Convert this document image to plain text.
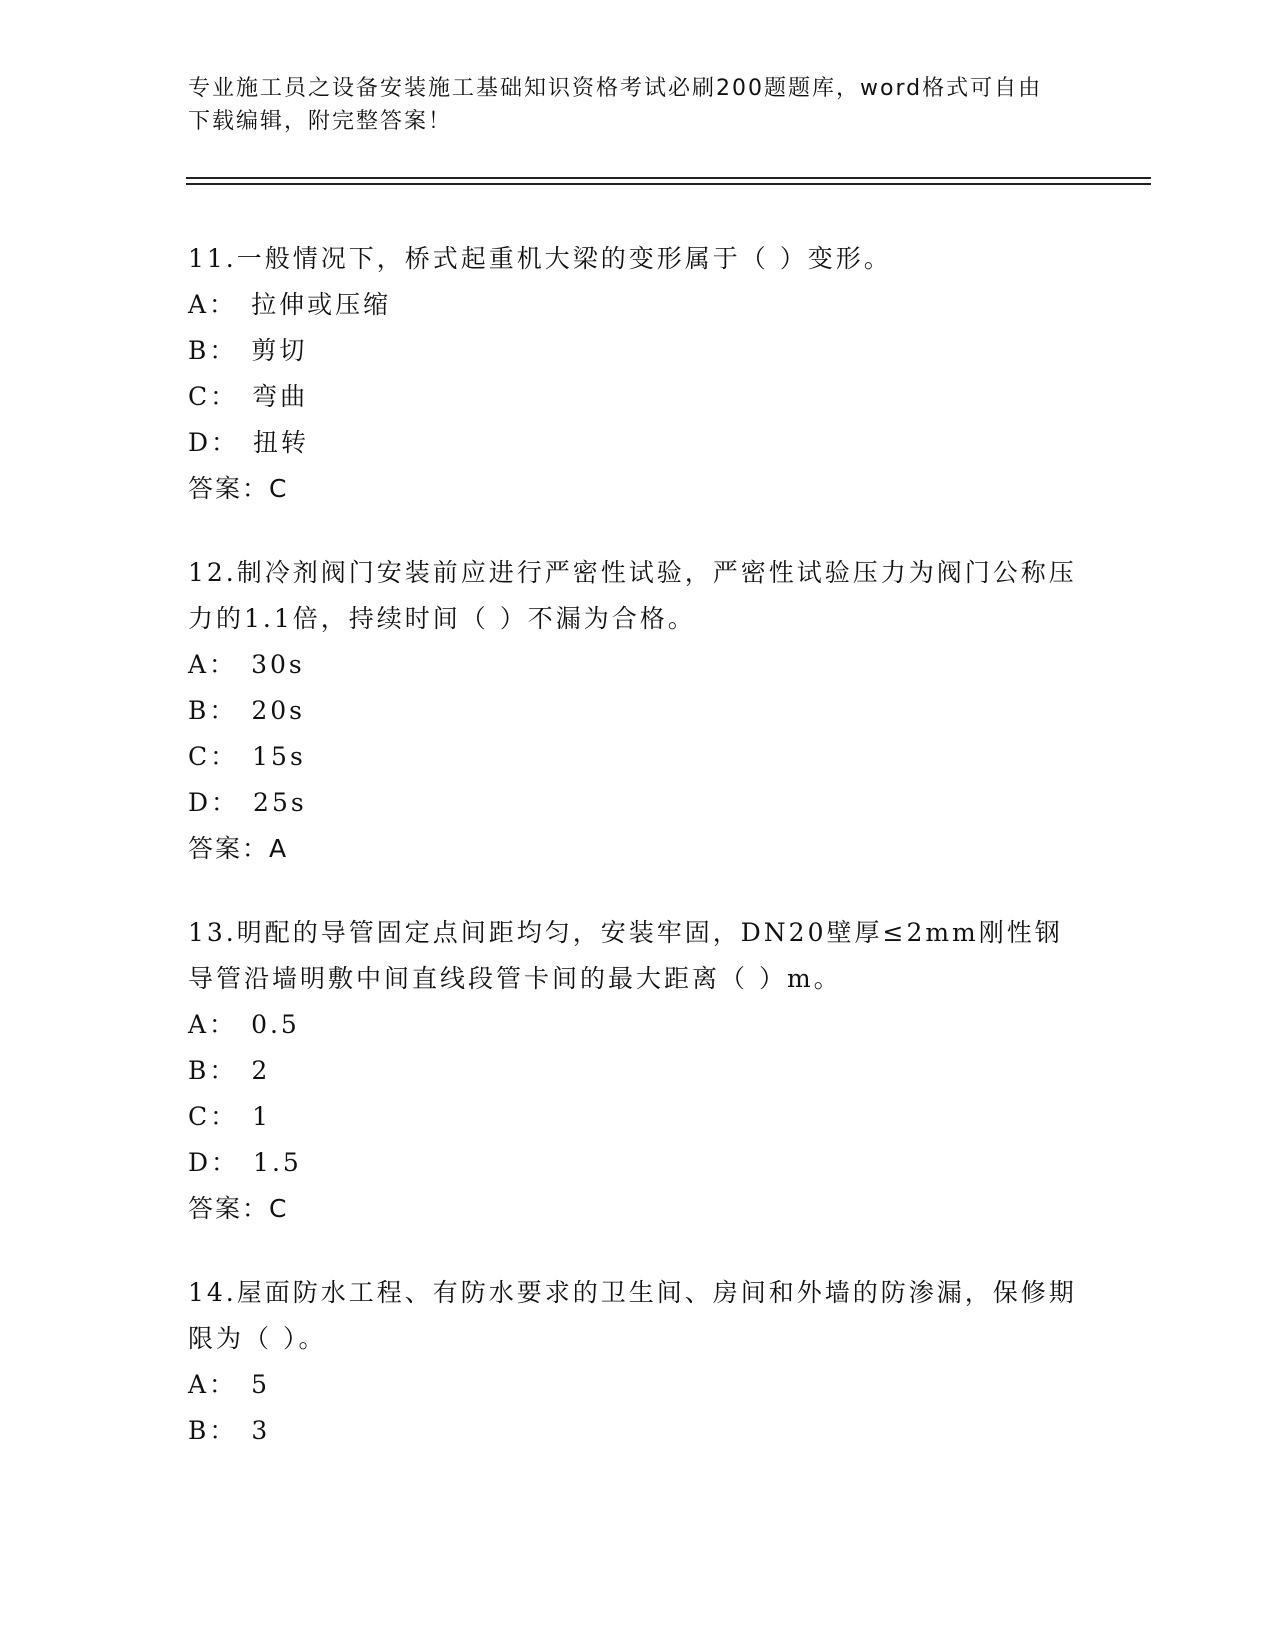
专业施工员之设备安装施工基础知识资格考试必刷200题题库，word格式可自由
下载编辑，附完整答案！

11.一般情况下，桥式起重机大梁的变形属于（ ）变形。

A： 拉伸或压缩

B： 剪切

C： 弯曲

D： 扭转

答案：C

12.制冷剂阀门安装前应进行严密性试验，严密性试验压力为阀门公称压力的1.1倍，持续时间（ ）不漏为合格。

A： 30s

B： 20s

C： 15s

D： 25s

答案：A

13.明配的导管固定点间距均匀，安装牢固，DN20壁厚≤2mm刚性钢导管沿墙明敷中间直线段管卡间的最大距离（ ）m。

A： 0.5

B： 2

C： 1

D： 1.5

答案：C

14.屋面防水工程、有防水要求的卫生间、房间和外墙的防渗漏，保修期限为（ ）。

A： 5

B： 3
